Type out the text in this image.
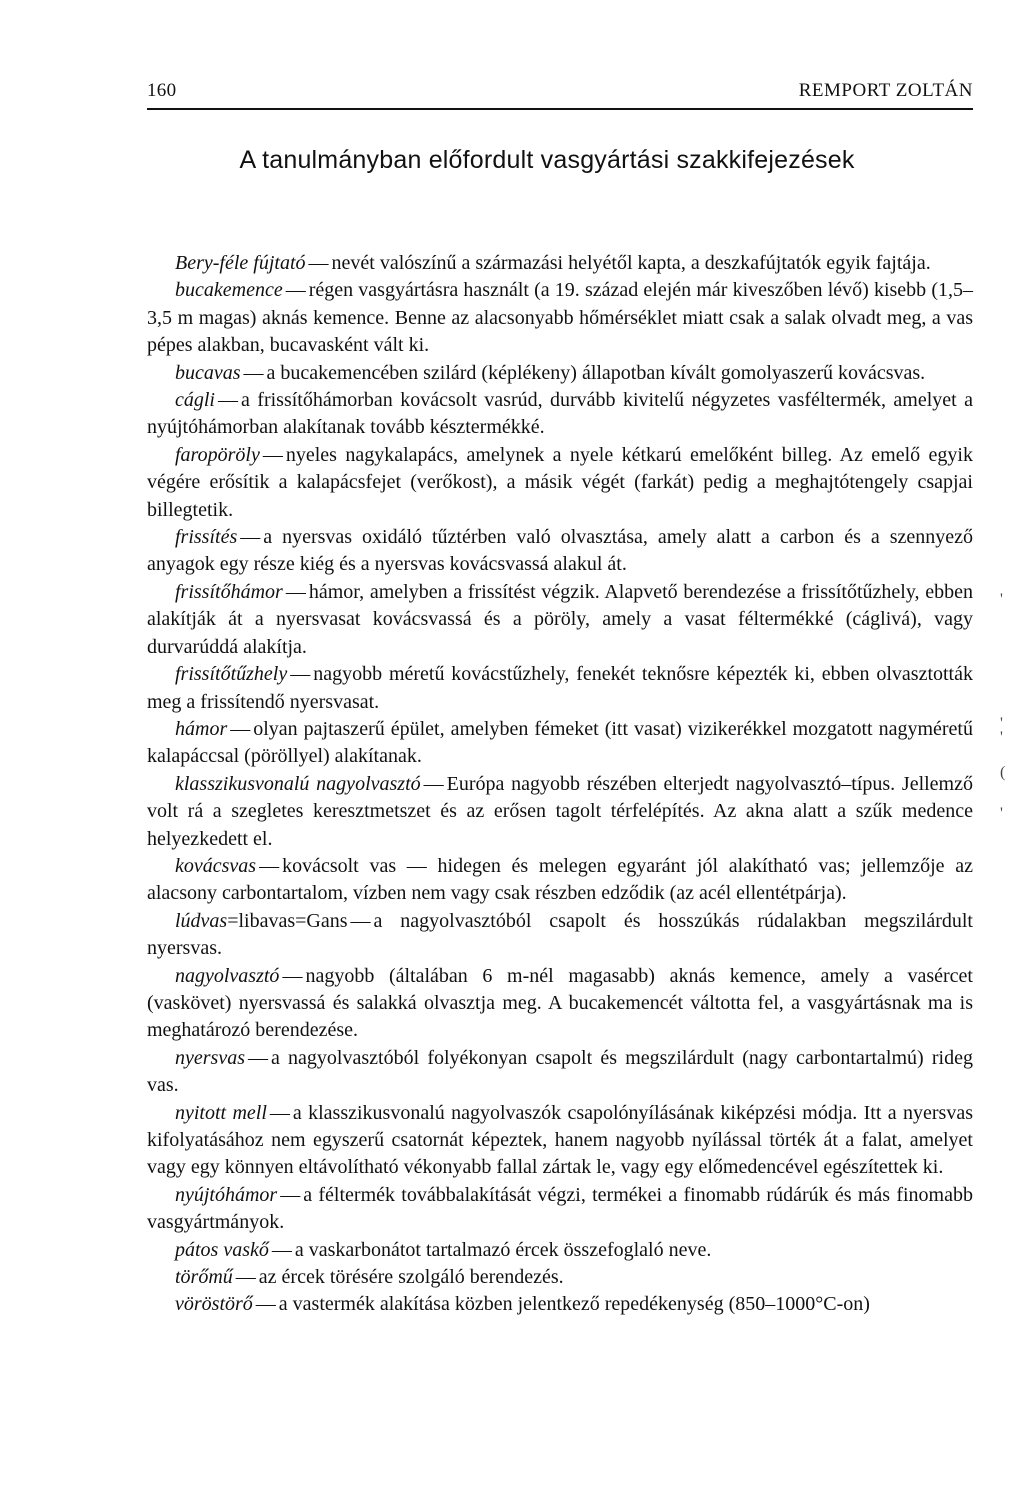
160	REMPORT ZOLTÁN
A tanulmányban előfordult vasgyártási szakkifejezések

Bery-féle fújtató — nevét valószínű a származási helyétől kapta, a deszkafújtatók egyik fajtája.

bucakemence — régen vasgyártásra használt (a 19. század elején már kiveszőben lévő) kisebb (1,5–3,5 m magas) aknás kemence. Benne az alacsonyabb hőmérséklet miatt csak a salak olvadt meg, a vas pépes alakban, bucavasként vált ki.

bucavas — a bucakemencében szilárd (képlékeny) állapotban kívált gomolyaszerű kovácsvas.

cágli — a frissítőhámorban kovácsolt vasrúd, durvább kivitelű négyzetes vasféltermék, amelyet a nyújtóhámorban alakítanak tovább késztermékké.

faropöröly — nyeles nagykalapács, amelynek a nyele kétkarú emelőként billeg. Az emelő egyik végére erősítik a kalapácsfejet (verőkost), a másik végét (farkát) pedig a meghajtótengely csapjai billegtetik.

frissítés — a nyersvas oxidáló tűztérben való olvasztása, amely alatt a carbon és a szennyező anyagok egy része kiég és a nyersvas kovácsvassá alakul át.

frissítőhámor — hámor, amelyben a frissítést végzik. Alapvető berendezése a frissítőtűzhely, ebben alakítják át a nyersvasat kovácsvassá és a pöröly, amely a vasat féltermékké (cáglivá), vagy durvarúddá alakítja.

frissítőtűzhely — nagyobb méretű kovácstűzhely, fenekét teknősre képezték ki, ebben olvasztották meg a frissítendő nyersvasat.

hámor — olyan pajtaszerű épület, amelyben fémeket (itt vasat) vizikerékkel mozgatott nagyméretű kalapáccsal (pöröllyel) alakítanak.

klasszikusvonalú nagyolvasztó — Európa nagyobb részében elterjedt nagyolvasztó–típus. Jellemző volt rá a szegletes keresztmetszet és az erősen tagolt térfelépítés. Az akna alatt a szűk medence helyezkedett el.

kovácsvas — kovácsolt vas — hidegen és melegen egyaránt jól alakítható vas; jellemzője az alacsony carbontartalom, vízben nem vagy csak részben edződik (az acél ellentétpárja).

lúdvas=libavas=Gans — a nagyolvasztóból csapolt és hosszúkás rúdalakban megszilárdult nyersvas.

nagyolvasztó — nagyobb (általában 6 m-nél magasabb) aknás kemence, amely a vasércet (vaskövet) nyersvassá és salakká olvasztja meg. A bucakemencét váltotta fel, a vasgyártásnak ma is meghatározó berendezése.

nyersvas — a nagyolvasztóból folyékonyan csapolt és megszilárdult (nagy carbontartalmú) rideg vas.

nyitott mell — a klasszikusvonalú nagyolvaszók csapolónyílásának kiképzési módja. Itt a nyersvas kifolyatásához nem egyszerű csatornát képeztek, hanem nagyobb nyílással törték át a falat, amelyet vagy egy könnyen eltávolítható vékonyabb fallal zártak le, vagy egy előmedencével egészítettek ki.

nyújtóhámor — a féltermék továbbalakítását végzi, termékei a finomabb rúdárúk és más finomabb vasgyártmányok.

pátos vaskő — a vaskarbonátot tartalmazó ércek összefoglaló neve.

törőmű — az ércek törésére szolgáló berendezés.

vöröstörő — a vastermék alakítása közben jelentkező repedékenység (850–1000°C-on)

'
'
'
(
'
